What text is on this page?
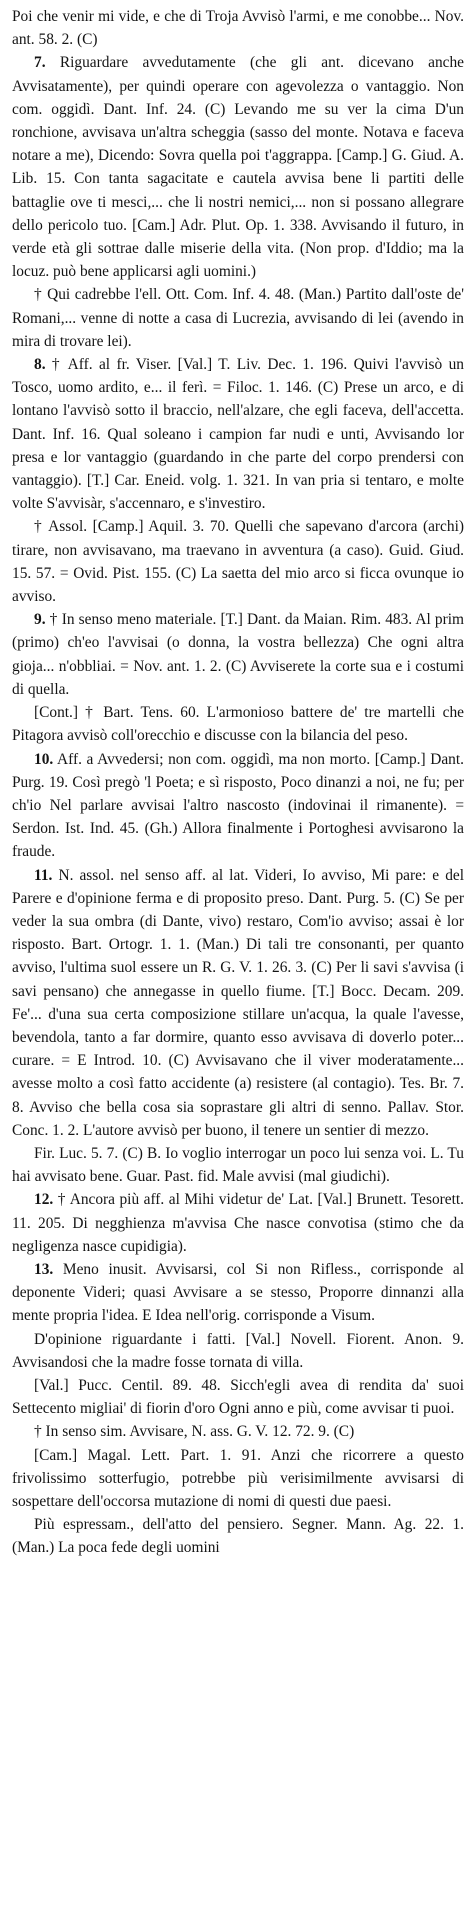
Poi che venir mi vide, e che di Troja Avvisò l'armi, e me conobbe... Nov. ant. 58. 2. (C)

7. Riguardare avvedutamente (che gli ant. dicevano anche Avvisatamente), per quindi operare con agevolezza o vantaggio. Non com. oggidì. Dant. Inf. 24. (C) Levando me su ver la cima D'un ronchione, avvisava un'altra scheggia (sasso del monte. Notava e faceva notare a me), Dicendo: Sovra quella poi t'aggrappa. [Camp.] G. Giud. A. Lib. 15. Con tanta sagacitate e cautela avvisa bene li partiti delle battaglie ove ti mesci,... che li nostri nemici,... non si possano allegrare dello pericolo tuo. [Cam.] Adr. Plut. Op. 1. 338. Avvisando il futuro, in verde età gli sottrae dalle miserie della vita. (Non prop. d'Iddio; ma la locuz. può bene applicarsi agli uomini.)

† Qui cadrebbe l'ell. Ott. Com. Inf. 4. 48. (Man.) Partito dall'oste de' Romani,... venne di notte a casa di Lucrezia, avvisando di lei (avendo in mira di trovare lei).

8. † Aff. al fr. Viser. [Val.] T. Liv. Dec. 1. 196. Quivi l'avvisò un Tosco, uomo ardito, e... il ferì. = Filoc. 1. 146. (C) Prese un arco, e di lontano l'avvisò sotto il braccio, nell'alzare, che egli faceva, dell'accetta. Dant. Inf. 16. Qual soleano i campion far nudi e unti, Avvisando lor presa e lor vantaggio (guardando in che parte del corpo prendersi con vantaggio). [T.] Car. Eneid. volg. 1. 321. In van pria si tentaro, e molte volte S'avvisàr, s'accennaro, e s'investiro.

† Assol. [Camp.] Aquil. 3. 70. Quelli che sapevano d'arcora (archi) tirare, non avvisavano, ma traevano in avventura (a caso). Guid. Giud. 15. 57. = Ovid. Pist. 155. (C) La saetta del mio arco si ficca ovunque io avviso.

9. † In senso meno materiale. [T.] Dant. da Maian. Rim. 483. Al prim (primo) ch'eo l'avvisai (o donna, la vostra bellezza) Che ogni altra gioja... n'obbliai. = Nov. ant. 1. 2. (C) Avviserete la corte sua e i costumi di quella.

[Cont.] † Bart. Tens. 60. L'armonioso battere de' tre martelli che Pitagora avvisò coll'orecchio e discusse con la bilancia del peso.

10. Aff. a Avvedersi; non com. oggidì, ma non morto. [Camp.] Dant. Purg. 19. Così pregò 'l Poeta; e sì risposto, Poco dinanzi a noi, ne fu; per ch'io Nel parlare avvisai l'altro nascosto (indovinai il rimanente). = Serdon. Ist. Ind. 45. (Gh.) Allora finalmente i Portoghesi avvisarono la fraude.

11. N. assol. nel senso aff. al lat. Videri, Io avviso, Mi pare: e del Parere e d'opinione ferma e di proposito preso. Dant. Purg. 5. (C) Se per veder la sua ombra (di Dante, vivo) restaro, Com'io avviso; assai è lor risposto. Bart. Ortogr. 1. 1. (Man.) Di tali tre consonanti, per quanto avviso, l'ultima suol essere un R. G. V. 1. 26. 3. (C) Per li savi s'avvisa (i savi pensano) che annegasse in quello fiume. [T.] Bocc. Decam. 209. Fe'... d'una sua certa composizione stillare un'acqua, la quale l'avesse, bevendola, tanto a far dormire, quanto esso avvisava di doverlo poter... curare. = E Introd. 10. (C) Avvisavano che il viver moderatamente... avesse molto a così fatto accidente (a) resistere (al contagio). Tes. Br. 7. 8. Avviso che bella cosa sia soprastare gli altri di senno. Pallav. Stor. Conc. 1. 2. L'autore avvisò per buono, il tenere un sentier di mezzo.

Fir. Luc. 5. 7. (C) B. Io voglio interrogar un poco lui senza voi. L. Tu hai avvisato bene. Guar. Past. fid. Male avvisi (mal giudichi).

12. † Ancora più aff. al Mihi videtur de' Lat. [Val.] Brunett. Tesorett. 11. 205. Di negghienza m'avvisa Che nasce convotisa (stimo che da negligenza nasce cupidigia).

13. Meno inusit. Avvisarsi, col Si non Rifless., corrisponde al deponente Videri; quasi Avvisare a se stesso, Proporre dinnanzi alla mente propria l'idea. E Idea nell'orig. corrisponde a Visum.

D'opinione riguardante i fatti. [Val.] Novell. Fiorent. Anon. 9. Avvisandosi che la madre fosse tornata di villa.

[Val.] Pucc. Centil. 89. 48. Sicch'egli avea di rendita da' suoi Settecento migliai' di fiorin d'oro Ogni anno e più, come avvisar ti puoi.

† In senso sim. Avvisare, N. ass. G. V. 12. 72. 9. (C)

[Cam.] Magal. Lett. Part. 1. 91. Anzi che ricorrere a questo frivolissimo sotterfugio, potrebbe più verisimilmente avvisarsi di sospettare dell'occorsa mutazione di nomi di questi due paesi.

Più espressam., dell'atto del pensiero. Segner. Mann. Ag. 22. 1. (Man.) La poca fede degli uomini
